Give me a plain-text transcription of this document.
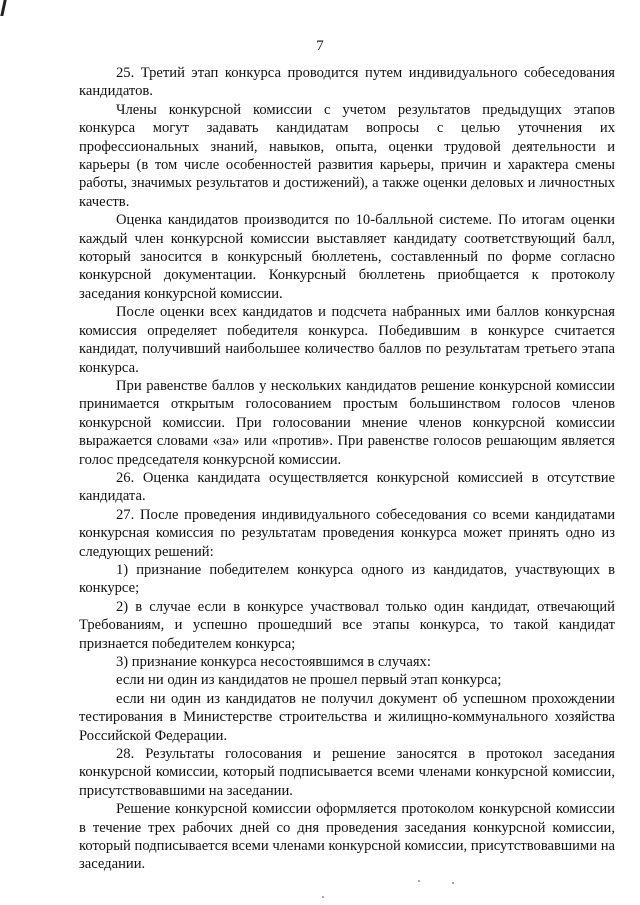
7

25. Третий этап конкурса проводится путем индивидуального собеседования кандидатов.

Члены конкурсной комиссии с учетом результатов предыдущих этапов конкурса могут задавать кандидатам вопросы с целью уточнения их профессиональных знаний, навыков, опыта, оценки трудовой деятельности и карьеры (в том числе особенностей развития карьеры, причин и характера смены работы, значимых результатов и достижений), а также оценки деловых и личностных качеств.

Оценка кандидатов производится по 10-балльной системе. По итогам оценки каждый член конкурсной комиссии выставляет кандидату соответствующий балл, который заносится в конкурсный бюллетень, составленный по форме согласно конкурсной документации. Конкурсный бюллетень приобщается к протоколу заседания конкурсной комиссии.

После оценки всех кандидатов и подсчета набранных ими баллов конкурсная комиссия определяет победителя конкурса. Победившим в конкурсе считается кандидат, получивший наибольшее количество баллов по результатам третьего этапа конкурса.

При равенстве баллов у нескольких кандидатов решение конкурсной комиссии принимается открытым голосованием простым большинством голосов членов конкурсной комиссии. При голосовании мнение членов конкурсной комиссии выражается словами «за» или «против». При равенстве голосов решающим является голос председателя конкурсной комиссии.

26. Оценка кандидата осуществляется конкурсной комиссией в отсутствие кандидата.

27. После проведения индивидуального собеседования со всеми кандидатами конкурсная комиссия по результатам проведения конкурса может принять одно из следующих решений:

1) признание победителем конкурса одного из кандидатов, участвующих в конкурсе;

2) в случае если в конкурсе участвовал только один кандидат, отвечающий Требованиям, и успешно прошедший все этапы конкурса, то такой кандидат признается победителем конкурса;

3) признание конкурса несостоявшимся в случаях:

если ни один из кандидатов не прошел первый этап конкурса;

если ни один из кандидатов не получил документ об успешном прохождении тестирования в Министерстве строительства и жилищно-коммунального хозяйства Российской Федерации.

28. Результаты голосования и решение заносятся в протокол заседания конкурсной комиссии, который подписывается всеми членами конкурсной комиссии, присутствовавшими на заседании.

Решение конкурсной комиссии оформляется протоколом конкурсной комиссии в течение трех рабочих дней со дня проведения заседания конкурсной комиссии, который подписывается всеми членами конкурсной комиссии, присутствовавшими на заседании.
